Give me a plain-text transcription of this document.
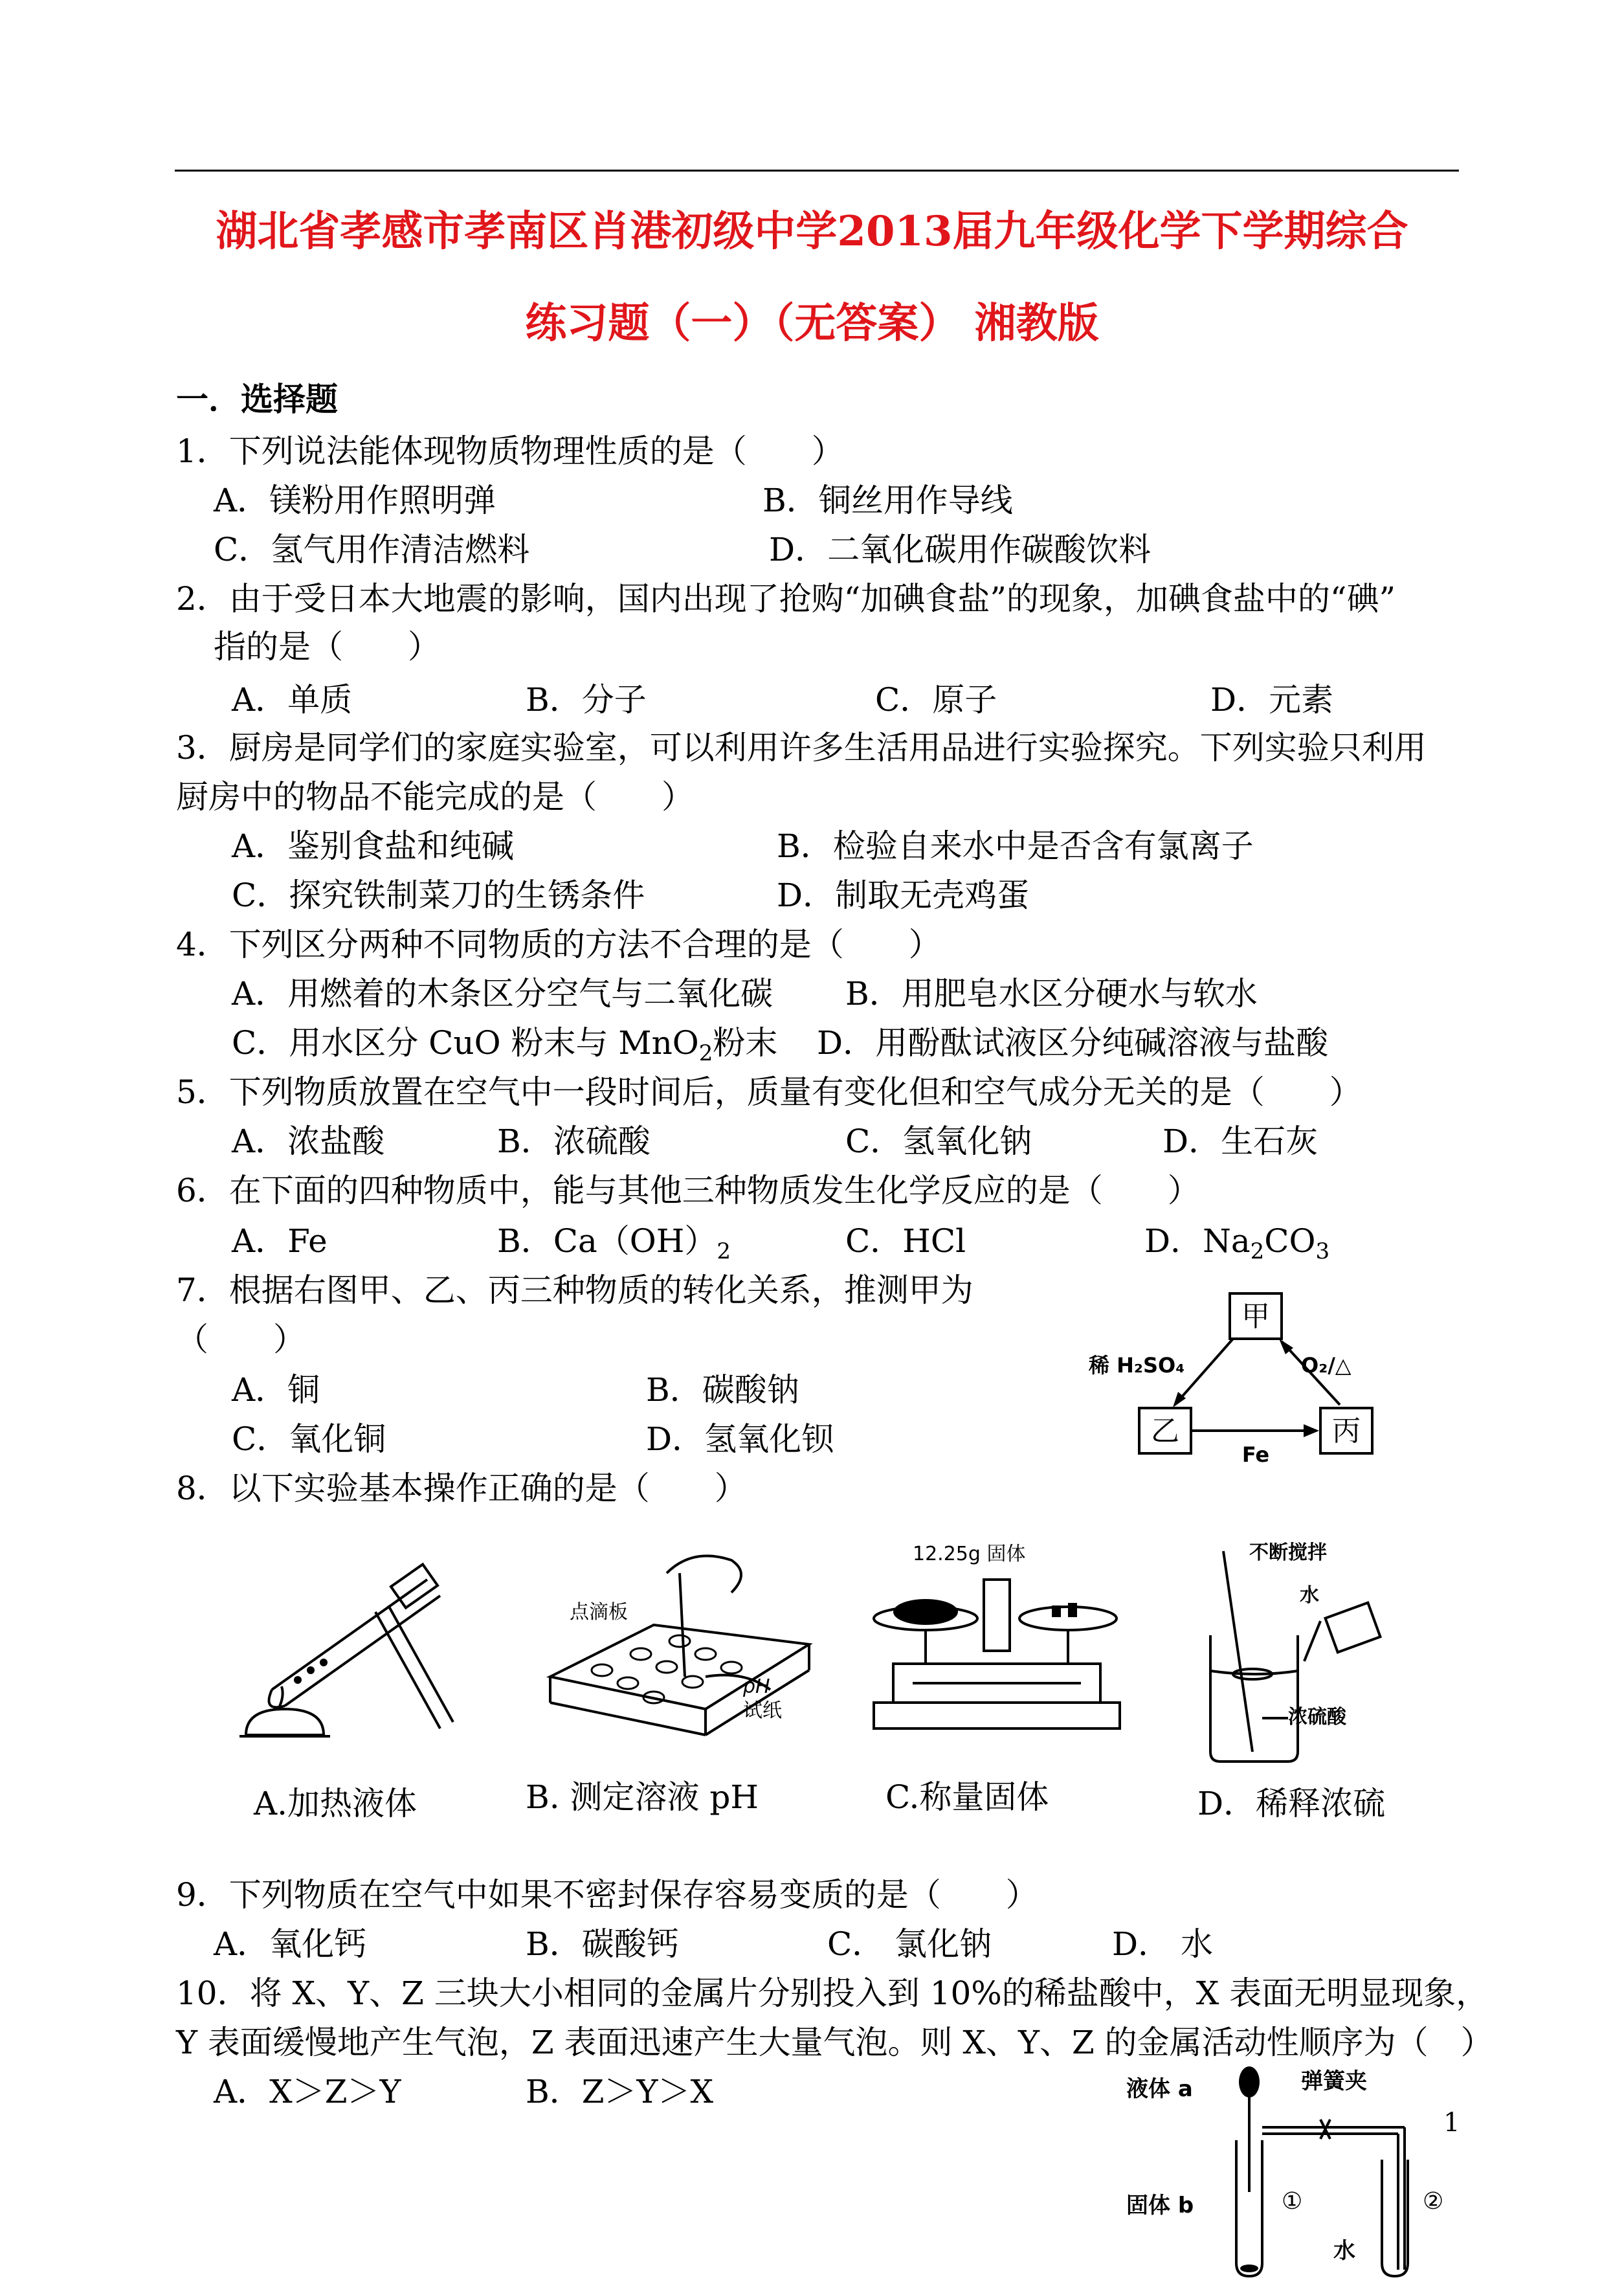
湖北省孝感市孝南区肖港初级中学2013届九年级化学下学期综合
练习题（一）（无答案） 湘教版
一．选择题
1．下列说法能体现物质物理性质的是（　　）
A．镁粉用作照明弹	B．铜丝用作导线
C．氢气用作清洁燃料	D．二氧化碳用作碳酸饮料
2．由于受日本大地震的影响，国内出现了抢购“加碘食盐”的现象，加碘食盐中的“碘”
指的是（　　）
A．单质	B．分子	C．原子	D．元素
3．厨房是同学们的家庭实验室，可以利用许多生活用品进行实验探究。下列实验只利用
厨房中的物品不能完成的是（　　）
A．鉴别食盐和纯碱	B．检验自来水中是否含有氯离子
C．探究铁制菜刀的生锈条件	D．制取无壳鸡蛋
4．下列区分两种不同物质的方法不合理的是（　　）
A．用燃着的木条区分空气与二氧化碳 B．用肥皂水区分硬水与软水
C．用水区分 CuO 粉末与 MnO$_2$粉末 D．用酚酞试液区分纯碱溶液与盐酸
5．下列物质放置在空气中一段时间后，质量有变化但和空气成分无关的是（　　）
A．浓盐酸	B．浓硫酸	C．氢氧化钠	D．生石灰
6．在下面的四种物质中，能与其他三种物质发生化学反应的是（　　）
A．Fe	B．$Ca(OH)_2$	C．HCl	D．$Na_2CO_3$
7．根据右图甲、乙、丙三种物质的转化关系，推测甲为
（　　）
A．铜	B．碳酸钠
C．氧化铜	D．氢氧化钡
甲
乙	丙
稀 H₂SO₄	O₂/△
Fe
8．以下实验基本操作正确的是（　　）
A.加热液体
点滴板
pH
试纸
B. 测定溶液 pH
12.25g 固体
C.称量固体
不断搅拌
水
浓硫酸
D．稀释浓硫
9．下列物质在空气中如果不密封保存容易变质的是（　　）
A．氧化钙	B．碳酸钙	C． 氯化钠	D． 水
10．将 X、Y、Z 三块大小相同的金属片分别投入到 10%的稀盐酸中，X 表面无明显现象，
Y 表面缓慢地产生气泡，Z 表面迅速产生大量气泡。则 X、Y、Z 的金属活动性顺序为（　）
A．X＞Z＞Y	B．Z＞Y＞X	液体 a	弹簧夹
固体 b
水
①	②
1
